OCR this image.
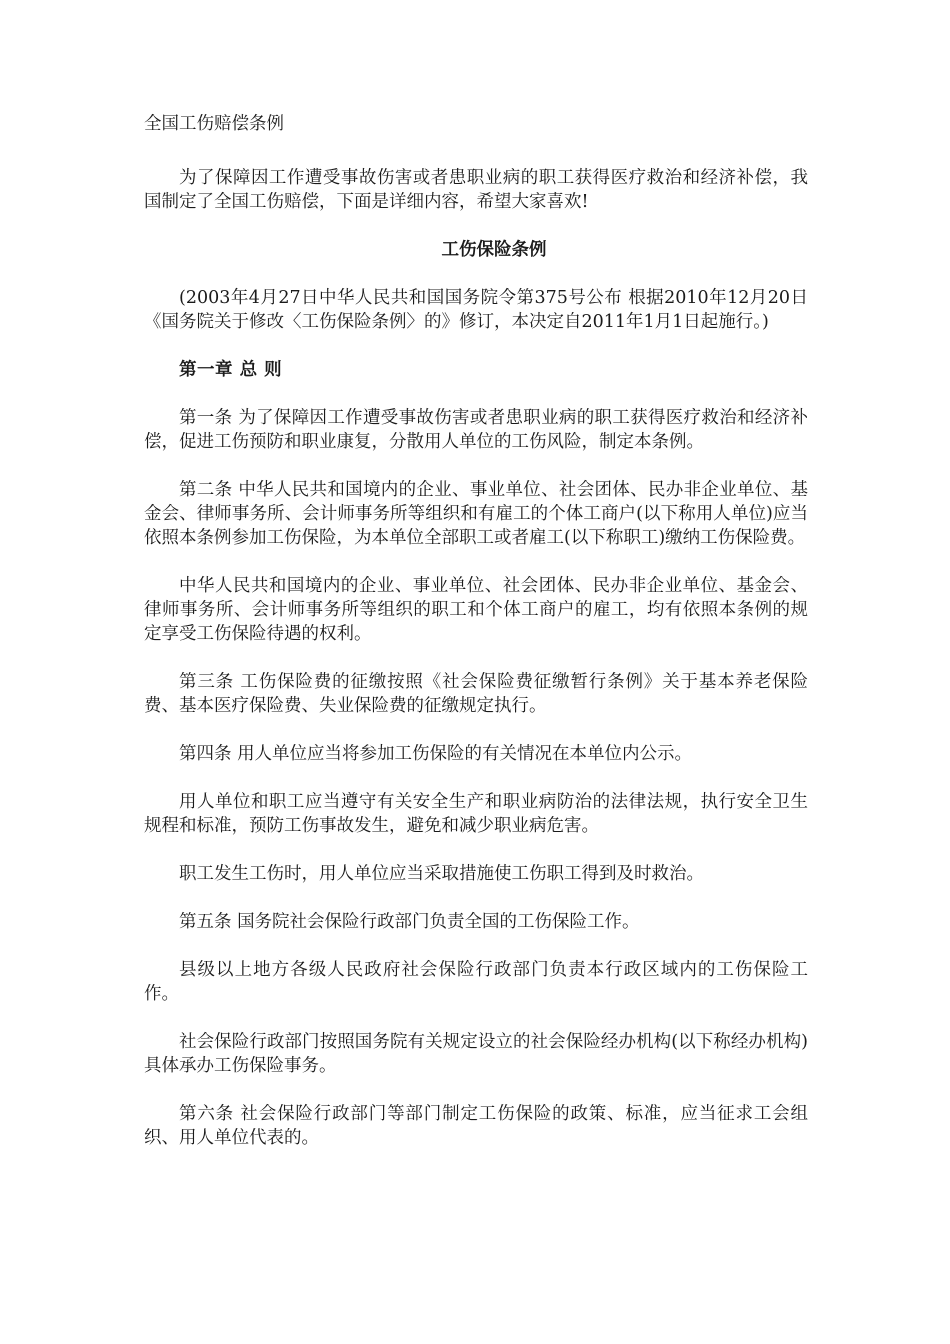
全国工伤赔偿条例

为了保障因工作遭受事故伤害或者患职业病的职工获得医疗救治和经济补偿，我国制定了全国工伤赔偿，下面是详细内容，希望大家喜欢!

工伤保险条例

(2003年4月27日中华人民共和国国务院令第375号公布 根据2010年12月20日《国务院关于修改〈工伤保险条例〉的》修订，本决定自2011年1月1日起施行。)

第一章 总 则

第一条 为了保障因工作遭受事故伤害或者患职业病的职工获得医疗救治和经济补偿，促进工伤预防和职业康复，分散用人单位的工伤风险，制定本条例。

第二条 中华人民共和国境内的企业、事业单位、社会团体、民办非企业单位、基金会、律师事务所、会计师事务所等组织和有雇工的个体工商户(以下称用人单位)应当依照本条例参加工伤保险，为本单位全部职工或者雇工(以下称职工)缴纳工伤保险费。

中华人民共和国境内的企业、事业单位、社会团体、民办非企业单位、基金会、律师事务所、会计师事务所等组织的职工和个体工商户的雇工，均有依照本条例的规定享受工伤保险待遇的权利。

第三条 工伤保险费的征缴按照《社会保险费征缴暂行条例》关于基本养老保险费、基本医疗保险费、失业保险费的征缴规定执行。

第四条 用人单位应当将参加工伤保险的有关情况在本单位内公示。

用人单位和职工应当遵守有关安全生产和职业病防治的法律法规，执行安全卫生规程和标准，预防工伤事故发生，避免和减少职业病危害。

职工发生工伤时，用人单位应当采取措施使工伤职工得到及时救治。

第五条 国务院社会保险行政部门负责全国的工伤保险工作。

县级以上地方各级人民政府社会保险行政部门负责本行政区域内的工伤保险工作。

社会保险行政部门按照国务院有关规定设立的社会保险经办机构(以下称经办机构)具体承办工伤保险事务。

第六条 社会保险行政部门等部门制定工伤保险的政策、标准，应当征求工会组织、用人单位代表的。
